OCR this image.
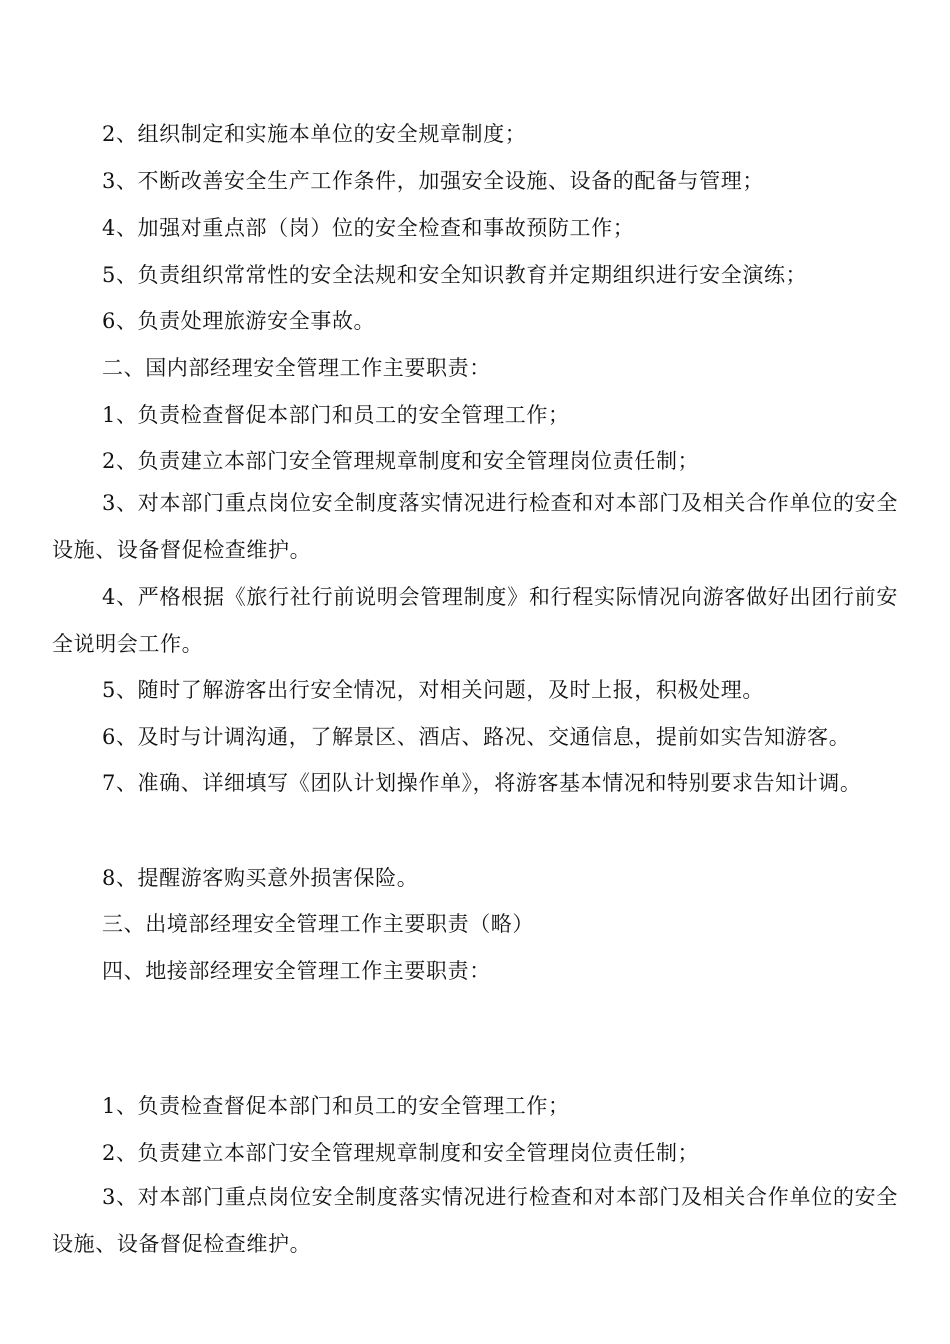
2、组织制定和实施本单位的安全规章制度；

3、不断改善安全生产工作条件，加强安全设施、设备的配备与管理；

4、加强对重点部（岗）位的安全检查和事故预防工作；

5、负责组织常常性的安全法规和安全知识教育并定期组织进行安全演练；

6、负责处理旅游安全事故。

二、国内部经理安全管理工作主要职责：

1、负责检查督促本部门和员工的安全管理工作；

2、负责建立本部门安全管理规章制度和安全管理岗位责任制；

3、对本部门重点岗位安全制度落实情况进行检查和对本部门及相关合作单位的安全设施、设备督促检查维护。

4、严格根据《旅行社行前说明会管理制度》和行程实际情况向游客做好出团行前安全说明会工作。

5、随时了解游客出行安全情况，对相关问题，及时上报，积极处理。

6、及时与计调沟通，了解景区、酒店、路况、交通信息，提前如实告知游客。

7、准确、详细填写《团队计划操作单》，将游客基本情况和特别要求告知计调。

8、提醒游客购买意外损害保险。

三、出境部经理安全管理工作主要职责（略）

四、地接部经理安全管理工作主要职责：

1、负责检查督促本部门和员工的安全管理工作；

2、负责建立本部门安全管理规章制度和安全管理岗位责任制；

3、对本部门重点岗位安全制度落实情况进行检查和对本部门及相关合作单位的安全设施、设备督促检查维护。
